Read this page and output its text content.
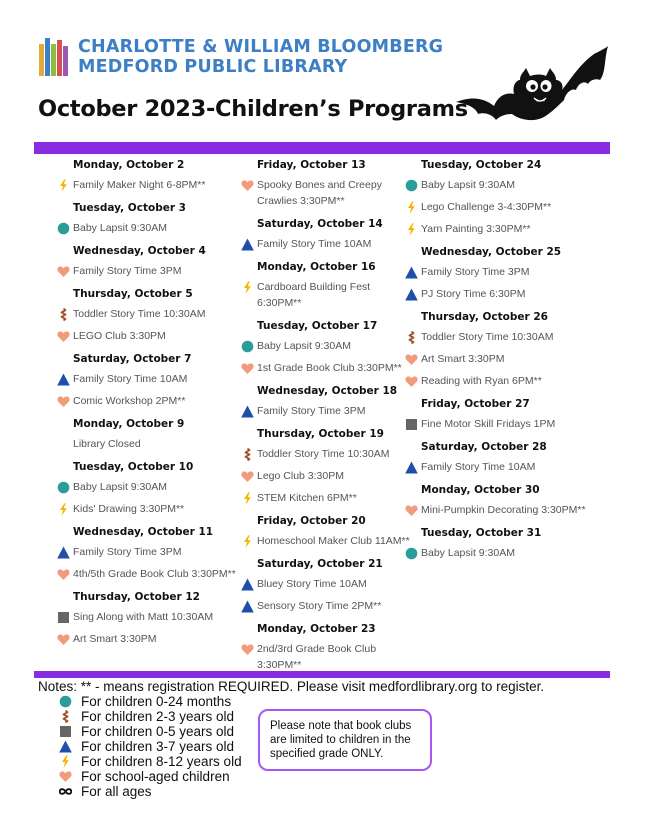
CHARLOTTE & WILLIAM BLOOMBERG
MEDFORD PUBLIC LIBRARY
October 2023-Children’s Programs
Monday, October 2
Family Maker Night 6-8PM**
Tuesday, October 3
Baby Lapsit 9:30AM
Wednesday, October 4
Family Story Time 3PM
Thursday, October 5
Toddler Story Time 10:30AM
LEGO Club 3:30PM
Saturday, October 7
Family Story Time 10AM
Comic Workshop 2PM**
Monday, October 9
Library Closed
Tuesday, October 10
Baby Lapsit 9:30AM
Kids' Drawing 3:30PM**
Wednesday, October 11
Family Story Time 3PM
4th/5th Grade Book Club 3:30PM**
Thursday, October 12
Sing Along with Matt 10:30AM
Art Smart 3:30PM
Friday, October 13
Spooky Bones and Creepy Crawlies 3:30PM**
Saturday, October 14
Family Story Time 10AM
Monday, October 16
Cardboard Building Fest 6:30PM**
Tuesday, October 17
Baby Lapsit 9:30AM
1st Grade Book Club 3:30PM**
Wednesday, October 18
Family Story Time 3PM
Thursday, October 19
Toddler Story Time 10:30AM
Lego Club 3:30PM
STEM Kitchen 6PM**
Friday, October 20
Homeschool Maker Club 11AM**
Saturday, October 21
Bluey Story Time 10AM
Sensory Story Time 2PM**
Monday, October 23
2nd/3rd Grade Book Club 3:30PM**
Tuesday, October 24
Baby Lapsit 9:30AM
Lego Challenge 3-4:30PM**
Yarn Painting 3:30PM**
Wednesday, October 25
Family Story Time 3PM
PJ Story Time 6:30PM
Thursday, October 26
Toddler Story Time 10:30AM
Art Smart 3:30PM
Reading with Ryan 6PM**
Friday, October 27
Fine Motor Skill Fridays 1PM
Saturday, October 28
Family Story Time 10AM
Monday, October 30
Mini-Pumpkin Decorating 3:30PM**
Tuesday, October 31
Baby Lapsit 9:30AM
Notes: ** - means registration REQUIRED. Please visit medfordlibrary.org to register.
For children 0-24 months
For children 2-3 years old
For children 0-5 years old
For children 3-7 years old
For children 8-12 years old
For school-aged children
For all ages
Please note that book clubs are limited to children in the specified grade ONLY.
